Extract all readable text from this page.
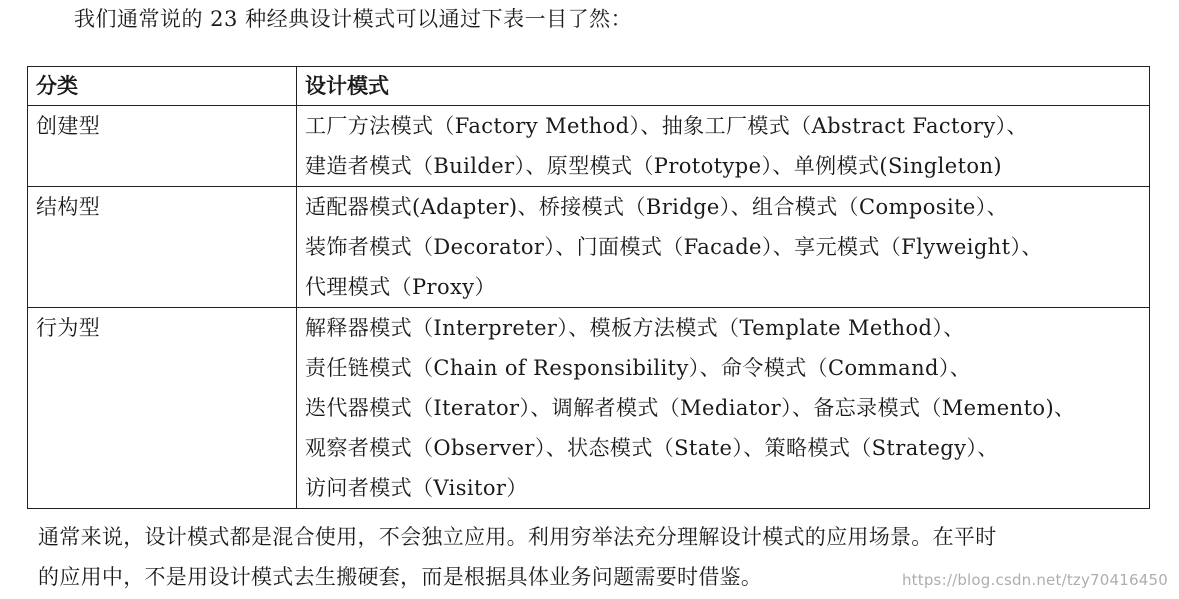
我们通常说的 23 种经典设计模式可以通过下表一目了然：
分类	设计模式

创建型	工厂方法模式（Factory Method）、抽象工厂模式（Abstract Factory）、
建造者模式（Builder）、原型模式（Prototype）、单例模式(Singleton)

结构型	适配器模式(Adapter)、桥接模式（Bridge）、组合模式（Composite）、
装饰者模式（Decorator）、门面模式（Facade）、享元模式（Flyweight）、
代理模式（Proxy）

行为型	解释器模式（Interpreter）、模板方法模式（Template Method）、
责任链模式（Chain of Responsibility）、命令模式（Command）、
迭代器模式（Iterator）、调解者模式（Mediator）、备忘录模式（Memento)、
观察者模式（Observer）、状态模式（State）、策略模式（Strategy）、
访问者模式（Visitor）
通常来说，设计模式都是混合使用，不会独立应用。利用穷举法充分理解设计模式的应用场景。在平时
的应用中，不是用设计模式去生搬硬套，而是根据具体业务问题需要时借鉴。	https://blog.csdn.net/tzy70416450
